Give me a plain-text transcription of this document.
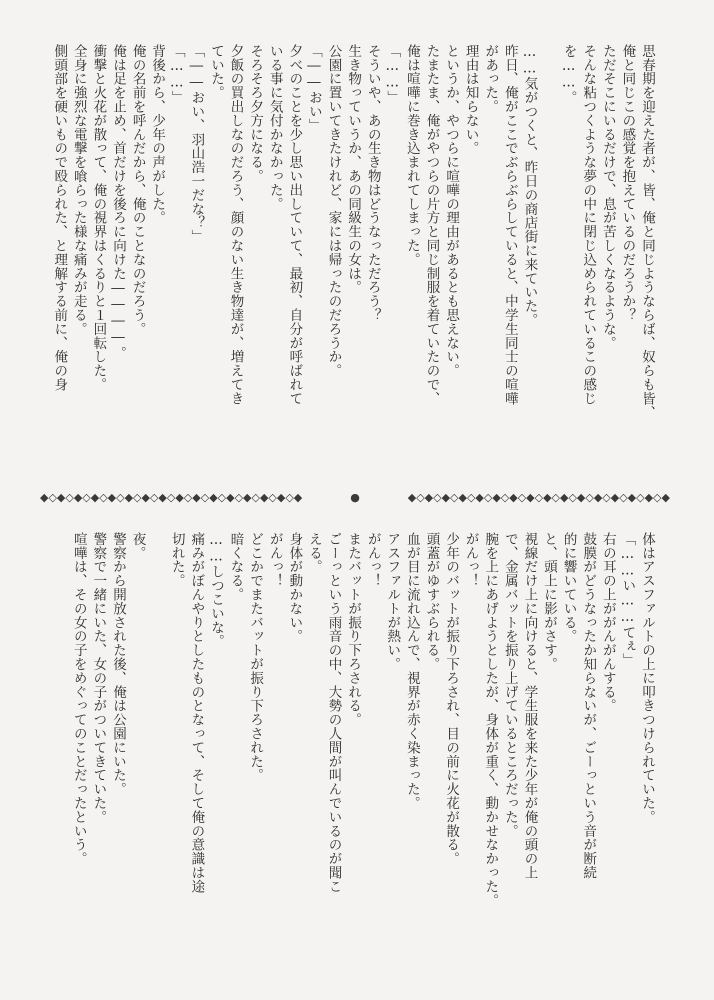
思春期を迎えた者が、皆、俺と同じようならば、奴らも皆、

俺と同じこの感覚を抱えているのだろうか？

ただそこにいるだけで、息が苦しくなるような。

そんな粘つくような夢の中に閉じ込められているこの感じ

を……。

……気がつくと、昨日の商店街に来ていた。

昨日、俺がここでぶらぶらしていると、中学生同士の喧嘩

があった。

理由は知らない。

というか、やつらに喧嘩の理由があるとも思えない。

たまたま、俺がやつらの片方と同じ制服を着ていたので、

俺は喧嘩に巻き込まれてしまった。

「……」

そういや、あの生き物はどうなっただろう？

生き物っていうか、あの同級生の女は。

公園に置いてきたけれど、家には帰ったのだろうか。

「――おい」

夕べのことを少し思い出していて、最初、自分が呼ばれて

いる事に気付かなかった。

そろそろ夕方になる。

夕飯の買出しなのだろう、顔のない生き物達が、増えてき

ていた。

「――おい、羽山浩一だな？」

「……」

背後から、少年の声がした。

俺の名前を呼んだから、俺のことなのだろう。

俺は足を止め、首だけを後ろに向けた――――。

衝撃と火花が散って、俺の視界はくるりと１回転した。

全身に強烈な電撃を喰らった様な痛みが走る。

側頭部を硬いもので殴られた、と理解する前に、俺の身

◆◇◆◇◆◇◆◇◆◇◆◇◆◇◆◇◆◇◆◇◆◇◆◇◆◇◆◇◆◇◆	●	◆◇◆◇◆◇◆◇◆◇◆◇◆◇◆◇◆◇◆◇◆◇◆◇◆◇◆◇◆◇◆

体はアスファルトの上に叩きつけられていた。

「……い……てぇ」

右の耳の上ががんがんする。

鼓膜がどうなったか知らないが、ごーっという音が断続

的に響いている。

と、頭上に影がさす。

視線だけ上に向けると、学生服を来た少年が俺の頭の上

で、金属バットを振り上げているところだった。

腕を上にあげようとしたが、身体が重く、動かせなかった。

がんっ！

少年のバットが振り下ろされ、目の前に火花が散る。

頭蓋がゆすぶられる。

血が目に流れ込んで、視界が赤く染まった。

アスファルトが熱い。

がんっ！

またバットが振り下ろされる。

ごーっという雨音の中、大勢の人間が叫んでいるのが聞こ

える。

身体が動かない。

がんっ！

どこかでまたバットが振り下ろされた。

暗くなる。

……しつこいな。

痛みがぼんやりとしたものとなって、そして俺の意識は途

切れた。

夜。

警察から開放された後、俺は公園にいた。

警察で一緒にいた、女の子がついてきていた。

喧嘩は、その女の子をめぐってのことだったという。
